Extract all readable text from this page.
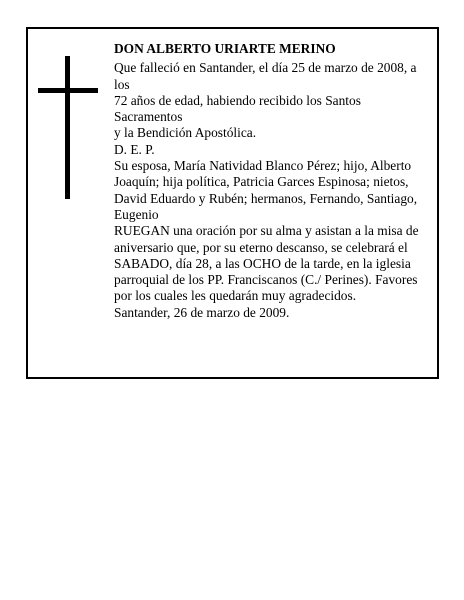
DON ALBERTO URIARTE MERINO
Que falleció en Santander, el día 25 de marzo de 2008, a los
72 años de edad, habiendo recibido los Santos Sacramentos
y la Bendición Apostólica.
D. E. P.
Su esposa, María Natividad Blanco Pérez; hijo, Alberto Joaquín; hija política, Patricia Garces Espinosa; nietos, David Eduardo y Rubén; hermanos, Fernando, Santiago, Eugenio
RUEGAN una oración por su alma y asistan a la misa de aniversario que, por su eterno descanso, se celebrará el SABADO, día 28, a las OCHO de la tarde, en la iglesia parroquial de los PP. Franciscanos (C./ Perines). Favores por los cuales les quedarán muy agradecidos.
Santander, 26 de marzo de 2009.
